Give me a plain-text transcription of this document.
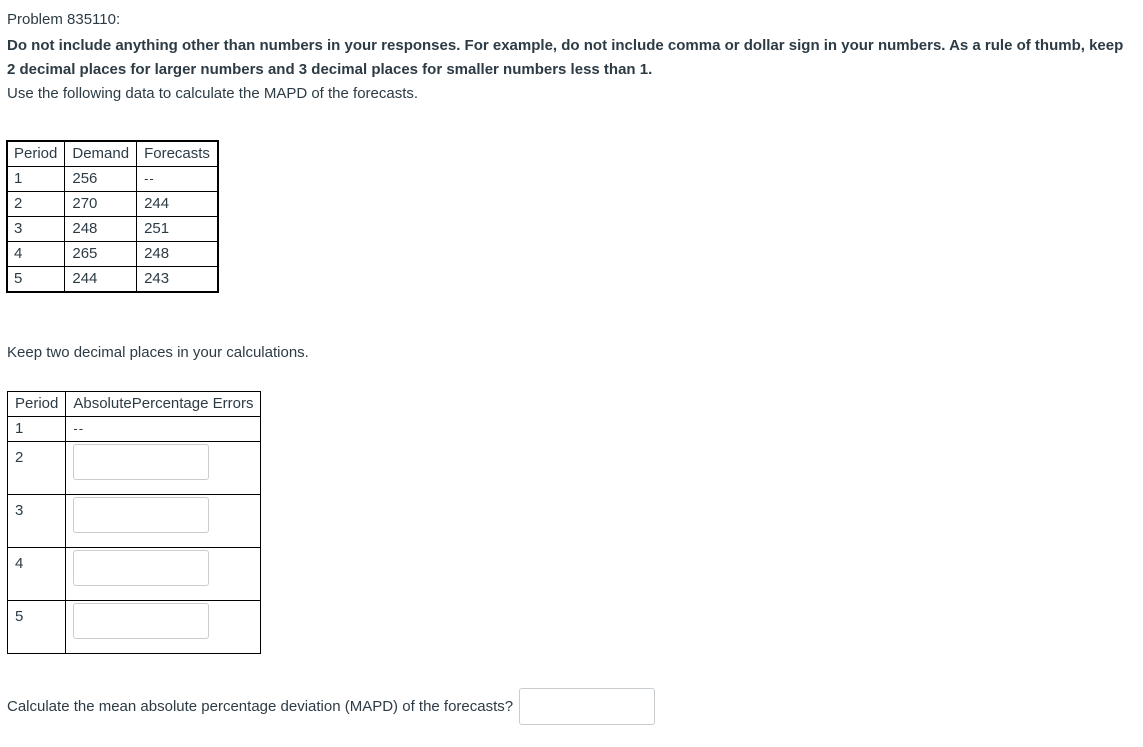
Problem 835110:

Do not include anything other than numbers in your responses. For example, do not include comma or dollar sign in your numbers. As a rule of thumb, keep 2 decimal places for larger numbers and 3 decimal places for smaller numbers less than 1.

Use the following data to calculate the MAPD of the forecasts.

Period	Demand	Forecasts
1	256	--
2	270	244
3	248	251
4	265	248
5	244	243

Keep two decimal places in your calculations.

Period	AbsolutePercentage Errors
1	--
2	

3	

4	

5	
Calculate the mean absolute percentage deviation (MAPD) of the forecasts?
